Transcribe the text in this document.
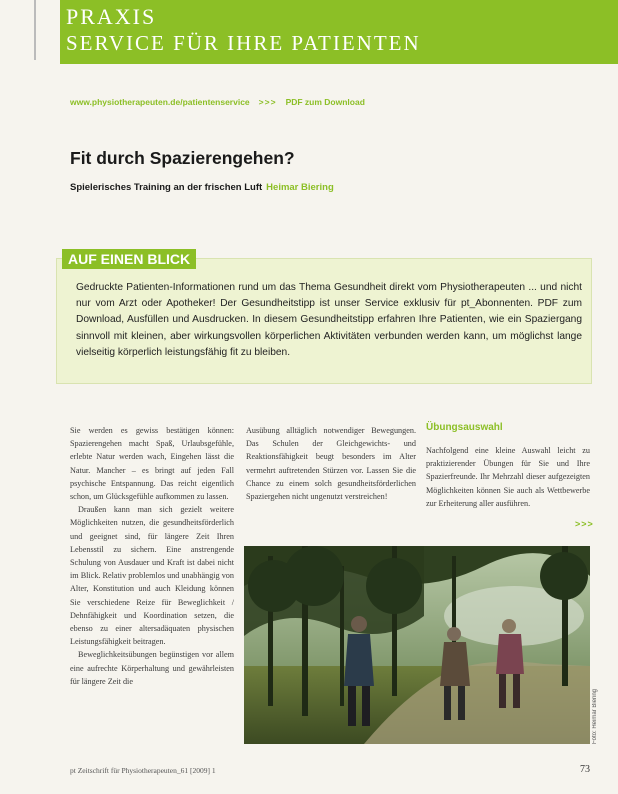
PRAXIS
SERVICE FÜR IHRE PATIENTEN
www.physiotherapeuten.de/patientenservice >>> PDF zum Download
Fit durch Spazierengehen?
Spielerisches Training an der frischen Luft Heimar Biering
AUF EINEN BLICK
Gedruckte Patienten-Informationen rund um das Thema Gesundheit direkt vom Physiotherapeuten ... und nicht nur vom Arzt oder Apotheker! Der Gesundheitstipp ist unser Service exklusiv für pt_Abonnenten. PDF zum Download, Ausfüllen und Ausdrucken. In diesem Gesundheitstipp erfahren Ihre Patienten, wie ein Spaziergang sinnvoll mit kleinen, aber wirkungsvollen körperlichen Aktivitäten verbunden werden kann, um möglichst lange vielseitig körperlich leistungsfähig fit zu bleiben.

Sie werden es gewiss bestätigen können: Spazierengehen macht Spaß, Urlaubsgefühle, erlebte Natur werden wach, Eingehen lässt die Natur. Mancher – es bringt auf jeden Fall psychische Entspannung. Das reicht eigentlich schon, um Glücksgefühle aufkommen zu lassen.

Draußen kann man sich gezielt weitere Möglichkeiten nutzen, die gesundheitsförderlich und geeignet sind, für längere Zeit Ihren Lebensstil zu sichern. Eine anstrengende Schulung von Ausdauer und Kraft ist dabei nicht im Blick. Relativ problemlos und unabhängig von Alter, Konstitution und auch Kleidung können Sie verschiedene Reize für Beweglichkeit / Dehnfähigkeit und Koordination setzen, die ebenso zu einer altersadäquaten physischen Leistungsfähigkeit beitragen.

Beweglichkeitsübungen begünstigen vor allem eine aufrechte Körperhaltung und gewährleisten für längere Zeit die

Ausübung alltäglich notwendiger Bewegungen. Das Schulen der Gleichgewichts- und Reaktionsfähigkeit beugt besonders im Alter vermehrt auftretenden Stürzen vor. Lassen Sie die Chance zu einem solch gesundheitsförderlichen Spaziergehen nicht ungenutzt verstreichen!

Übungsauswahl

Nachfolgend eine kleine Auswahl leicht zu praktizierender Übungen für Sie und Ihre Spazierfreunde. Ihr Mehrzahl dieser aufgezeigten Möglichkeiten können Sie auch als Wettbewerbe zur Erheiterung aller ausführen.

>>>
Foto: Heimar Biering
pt Zeitschrift für Physiotherapeuten_61 [2009] 1	73
